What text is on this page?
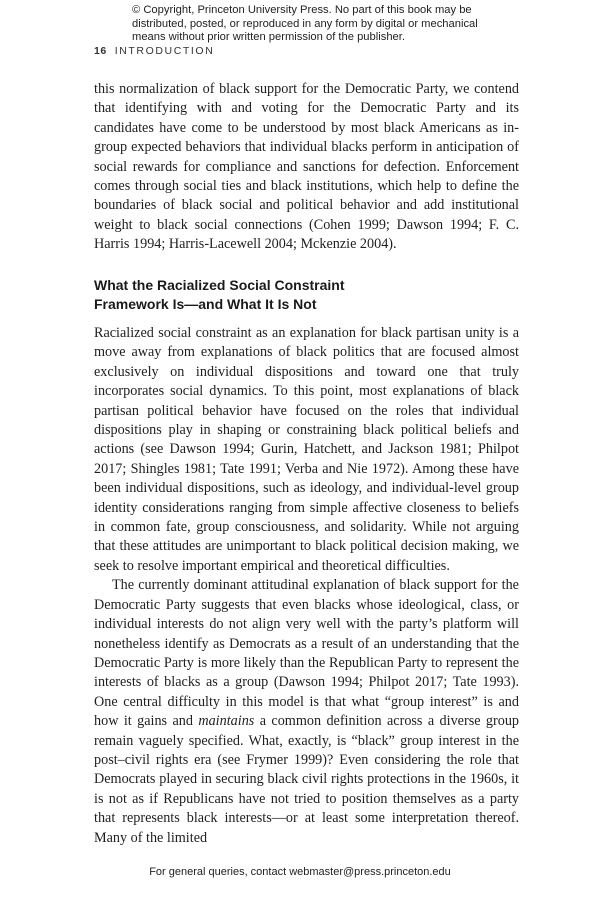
© Copyright, Princeton University Press. No part of this book may be
distributed, posted, or reproduced in any form by digital or mechanical
means without prior written permission of the publisher.
16 INTRODUCTION

this normalization of black support for the Democratic Party, we contend that identifying with and voting for the Democratic Party and its candidates have come to be understood by most black Americans as in-group expected behaviors that individual blacks perform in anticipation of social rewards for compliance and sanctions for defection. Enforcement comes through social ties and black institutions, which help to define the boundaries of black social and political behavior and add institutional weight to black social connections (Cohen 1999; Dawson 1994; F. C. Harris 1994; Harris-Lacewell 2004; Mckenzie 2004).

What the Racialized Social Constraint
Framework Is—and What It Is Not

Racialized social constraint as an explanation for black partisan unity is a move away from explanations of black politics that are focused almost exclusively on individual dispositions and toward one that truly incorporates social dynamics. To this point, most explanations of black partisan political behavior have focused on the roles that individual dispositions play in shaping or constraining black political beliefs and actions (see Dawson 1994; Gurin, Hatchett, and Jackson 1981; Philpot 2017; Shingles 1981; Tate 1991; Verba and Nie 1972). Among these have been individual dispositions, such as ideology, and individual-level group identity considerations ranging from simple affective closeness to beliefs in common fate, group consciousness, and solidarity. While not arguing that these attitudes are unimportant to black political decision making, we seek to resolve important empirical and theoretical difficulties.

The currently dominant attitudinal explanation of black support for the Democratic Party suggests that even blacks whose ideological, class, or individual interests do not align very well with the party’s platform will nonetheless identify as Democrats as a result of an understanding that the Democratic Party is more likely than the Republican Party to represent the interests of blacks as a group (Dawson 1994; Philpot 2017; Tate 1993). One central difficulty in this model is that what “group interest” is and how it gains and maintains a common definition across a diverse group remain vaguely specified. What, exactly, is “black” group interest in the post–civil rights era (see Frymer 1999)? Even considering the role that Democrats played in securing black civil rights protections in the 1960s, it is not as if Republicans have not tried to position themselves as a party that represents black interests—or at least some interpretation thereof. Many of the limited

For general queries, contact webmaster@press.princeton.edu
